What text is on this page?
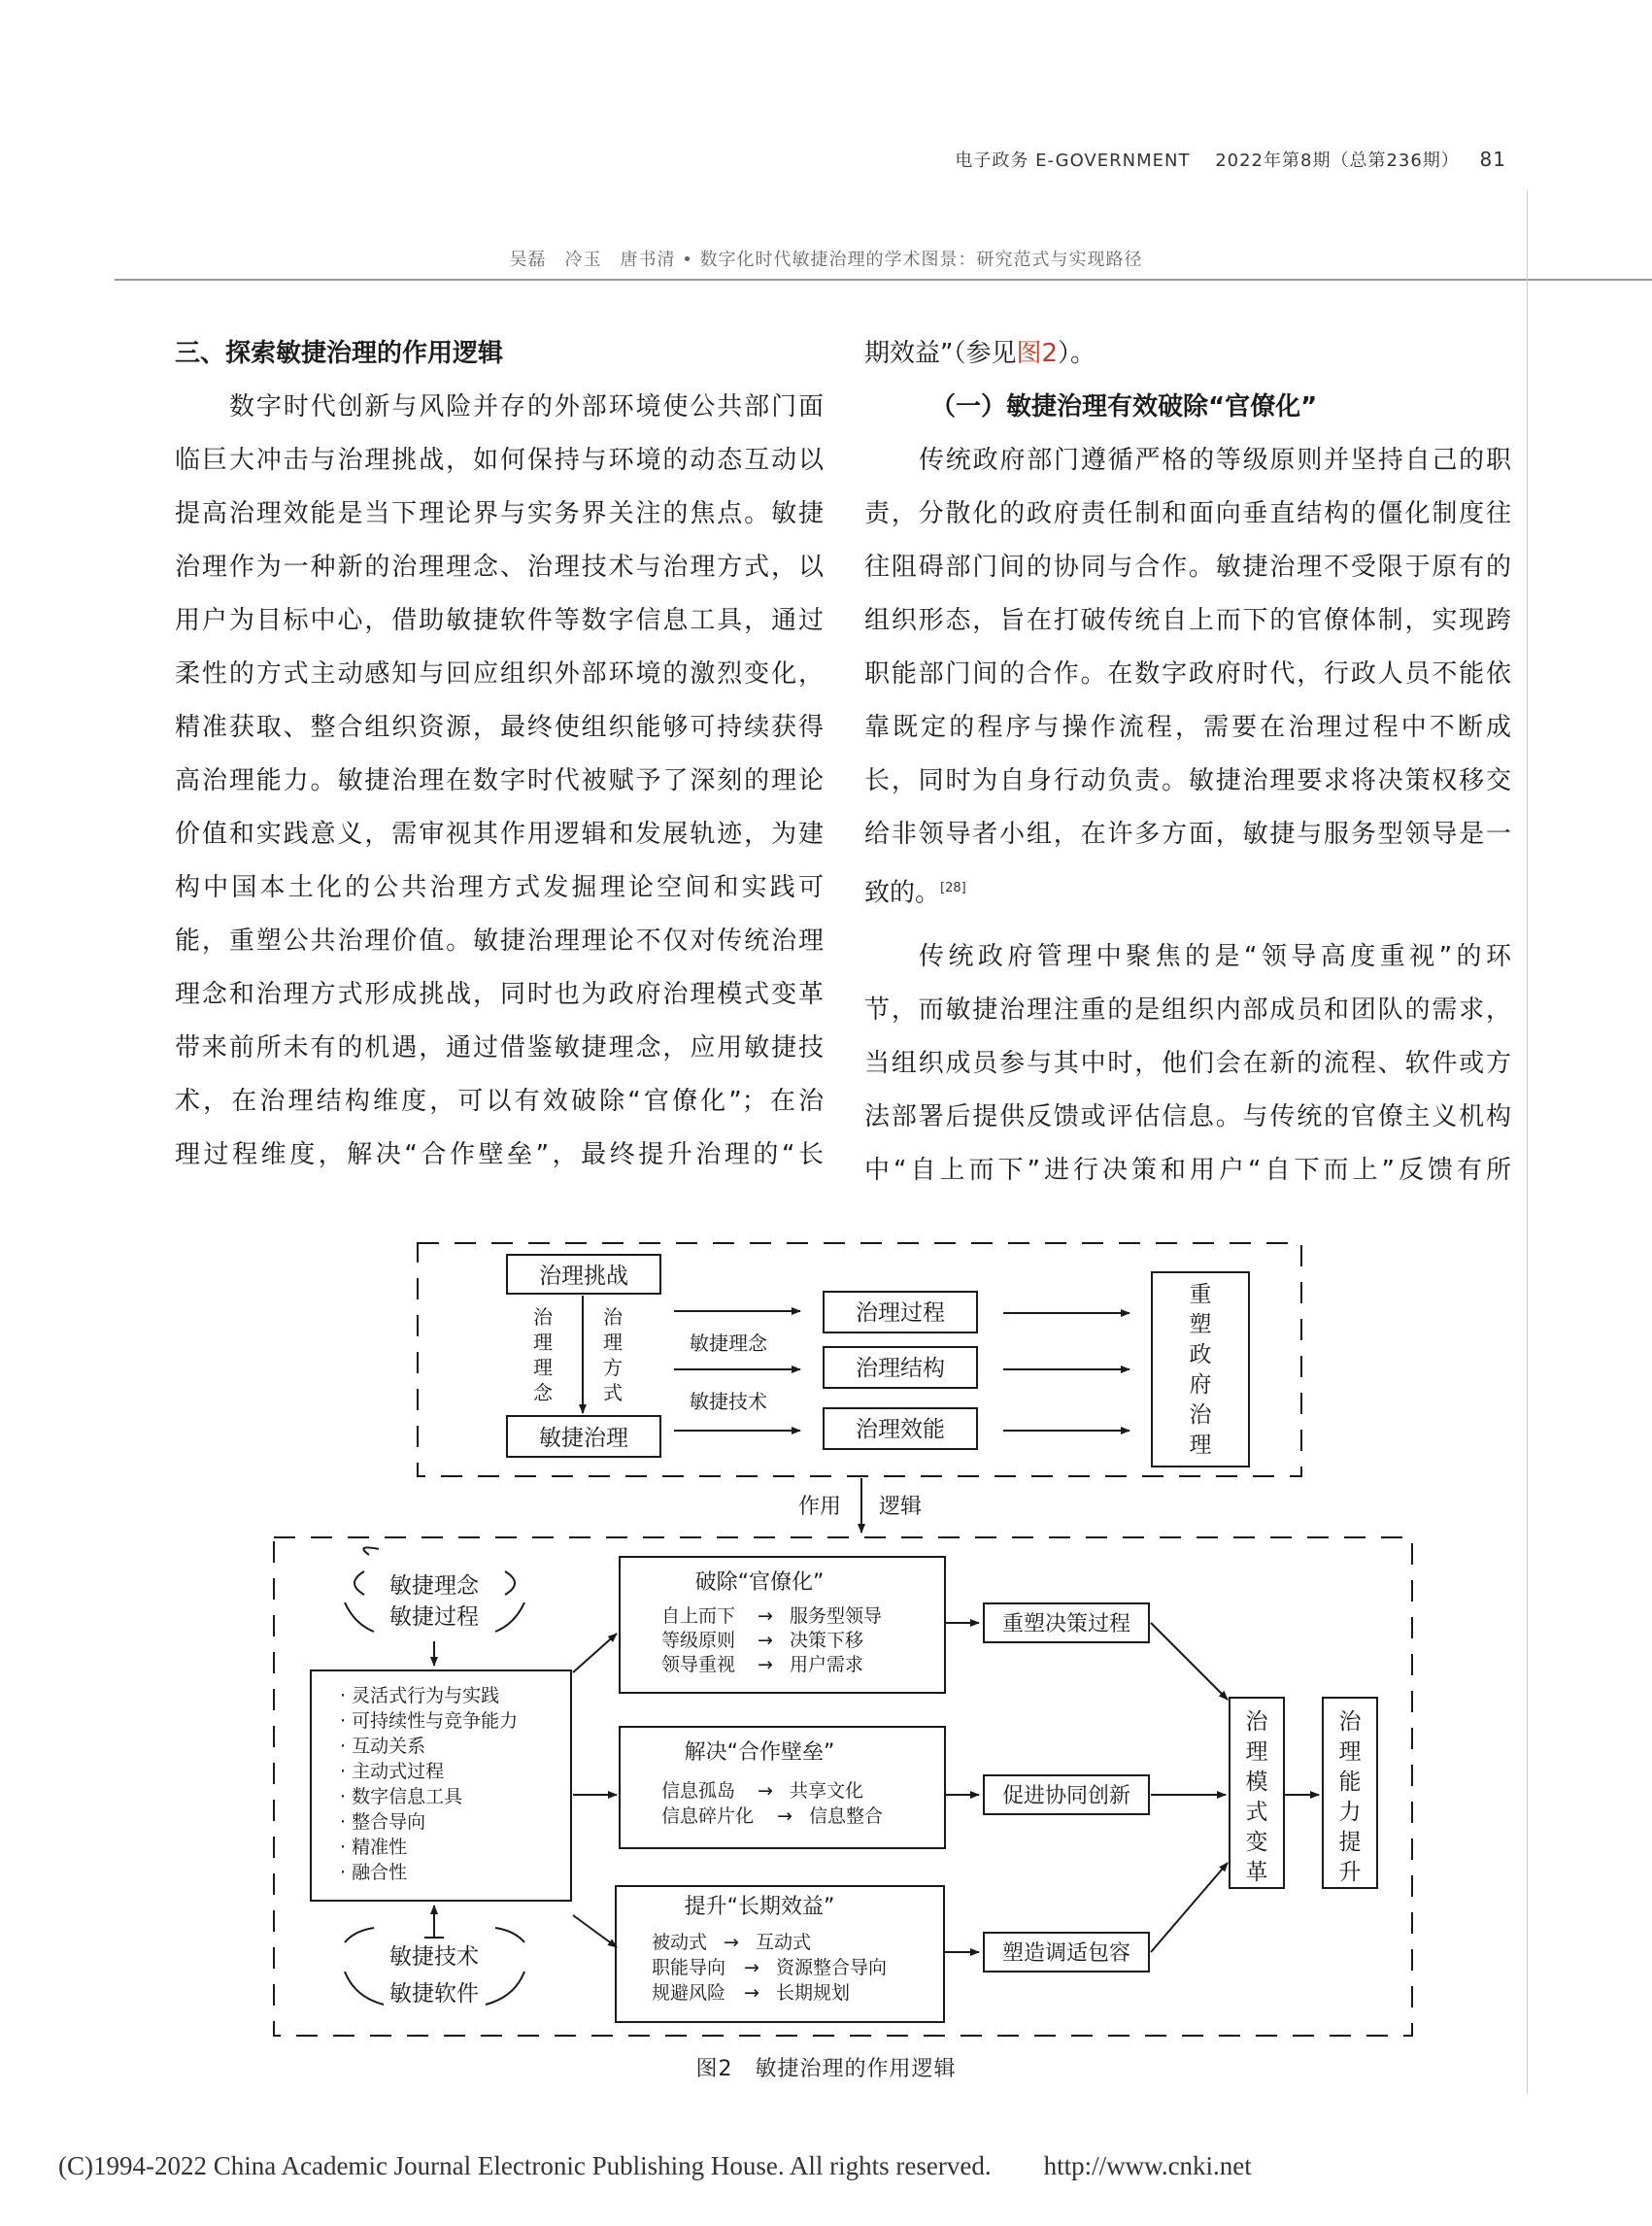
电子政务 E-GOVERNMENT　 2022年第8期（总第236期） 81
吴磊　冷玉　唐书清 • 数字化时代敏捷治理的学术图景：研究范式与实现路径

三、探索敏捷治理的作用逻辑

数字时代创新与风险并存的外部环境使公共部门面

临巨大冲击与治理挑战，如何保持与环境的动态互动以

提高治理效能是当下理论界与实务界关注的焦点。敏捷

治理作为一种新的治理理念、治理技术与治理方式，以

用户为目标中心，借助敏捷软件等数字信息工具，通过

柔性的方式主动感知与回应组织外部环境的激烈变化，

精准获取、整合组织资源，最终使组织能够可持续获得

高治理能力。敏捷治理在数字时代被赋予了深刻的理论

价值和实践意义，需审视其作用逻辑和发展轨迹，为建

构中国本土化的公共治理方式发掘理论空间和实践可

能，重塑公共治理价值。敏捷治理理论不仅对传统治理

理念和治理方式形成挑战，同时也为政府治理模式变革

带来前所未有的机遇，通过借鉴敏捷理念，应用敏捷技

术，在治理结构维度，可以有效破除“官僚化”；在治

理过程维度，解决“合作壁垒”，最终提升治理的“长

期效益”（参见图2）。

（一）敏捷治理有效破除“官僚化”

传统政府部门遵循严格的等级原则并坚持自己的职

责，分散化的政府责任制和面向垂直结构的僵化制度往

往阻碍部门间的协同与合作。敏捷治理不受限于原有的

组织形态，旨在打破传统自上而下的官僚体制，实现跨

职能部门间的合作。在数字政府时代，行政人员不能依

靠既定的程序与操作流程，需要在治理过程中不断成

长，同时为自身行动负责。敏捷治理要求将决策权移交

给非领导者小组，在许多方面，敏捷与服务型领导是一

致的。[28]

传统政府管理中聚焦的是“领导高度重视”的环

节，而敏捷治理注重的是组织内部成员和团队的需求，

当组织成员参与其中时，他们会在新的流程、软件或方

法部署后提供反馈或评估信息。与传统的官僚主义机构

中“自上而下”进行决策和用户“自下而上”反馈有所

治理挑战
敏捷治理
治理过程
治理结构
治理效能
治
理
理
念
治
理
方
式
敏捷理念
敏捷技术
重
塑
政
府
治
理
作用 逻辑
敏捷理念
敏捷过程
敏捷技术
敏捷软件
· 灵活式行为与实践
· 可持续性与竞争能力
· 互动关系
· 主动式过程
· 数字信息工具
· 整合导向
· 精准性
· 融合性
破除“官僚化”
解决“合作壁垒”
提升“长期效益”
自上而下 → 服务型领导
等级原则 → 决策下移
领导重视 → 用户需求
信息孤岛 → 共享文化
信息碎片化 → 信息整合
被动式 → 互动式
职能导向 → 资源整合导向
规避风险 → 长期规划
重塑决策过程
促进协同创新
塑造调适包容
治
理
模
式
变
革
治
理
能
力
提
升
图2　敏捷治理的作用逻辑
(C)1994-2022 China Academic Journal Electronic Publishing House. All rights reserved.　　http://www.cnki.net
